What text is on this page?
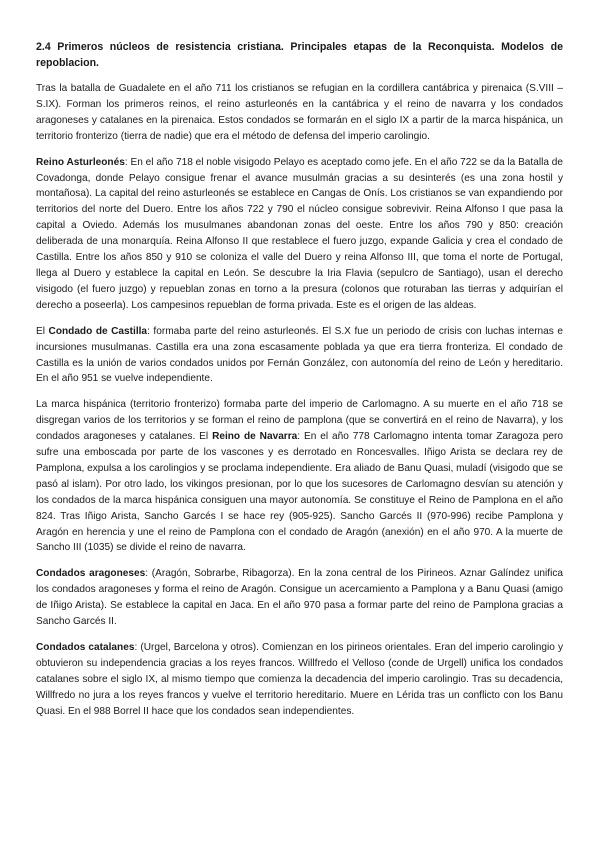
2.4 Primeros núcleos de resistencia cristiana. Principales etapas de la Reconquista. Modelos de repoblacion.

Tras la batalla de Guadalete en el año 711 los cristianos se refugian en la cordillera cantábrica y pirenaica (S.VIII – S.IX). Forman los primeros reinos, el reino asturleonés en la cantábrica y el reino de navarra y los condados aragoneses y catalanes en la pirenaica. Estos condados se formarán en el siglo IX a partir de la marca hispánica, un territorio fronterizo (tierra de nadie) que era el método de defensa del imperio carolingio.

Reino Asturleonés: En el año 718 el noble visigodo Pelayo es aceptado como jefe. En el año 722 se da la Batalla de Covadonga, donde Pelayo consigue frenar el avance musulmán gracias a su desinterés (es una zona hostil y montañosa). La capital del reino asturleonés se establece en Cangas de Onís. Los cristianos se van expandiendo por territorios del norte del Duero. Entre los años 722 y 790 el núcleo consigue sobrevivir. Reina Alfonso I que pasa la capital a Oviedo. Además los musulmanes abandonan zonas del oeste. Entre los años 790 y 850: creación deliberada de una monarquía. Reina Alfonso II que restablece el fuero juzgo, expande Galicia y crea el condado de Castilla. Entre los años 850 y 910 se coloniza el valle del Duero y reina Alfonso III, que toma el norte de Portugal, llega al Duero y establece la capital en León. Se descubre la Iria Flavia (sepulcro de Santiago), usan el derecho visigodo (el fuero juzgo) y repueblan zonas en torno a la presura (colonos que roturaban las tierras y adquirían el derecho a poseerla). Los campesinos repueblan de forma privada. Este es el origen de las aldeas.

El Condado de Castilla: formaba parte del reino asturleonés. El S.X fue un periodo de crisis con luchas internas e incursiones musulmanas. Castilla era una zona escasamente poblada ya que era tierra fronteriza. El condado de Castilla es la unión de varios condados unidos por Fernán González, con autonomía del reino de León y hereditario. En el año 951 se vuelve independiente.

La marca hispánica (territorio fronterizo) formaba parte del imperio de Carlomagno. A su muerte en el año 718 se disgregan varios de los territorios y se forman el reino de pamplona (que se convertirá en el reino de Navarra), y los condados aragoneses y catalanes. El Reino de Navarra: En el año 778 Carlomagno intenta tomar Zaragoza pero sufre una emboscada por parte de los vascones y es derrotado en Roncesvalles. Iñigo Arista se declara rey de Pamplona, expulsa a los carolingios y se proclama independiente. Era aliado de Banu Quasi, muladí (visigodo que se pasó al islam). Por otro lado, los vikingos presionan, por lo que los sucesores de Carlomagno desvían su atención y los condados de la marca hispánica consiguen una mayor autonomía. Se constituye el Reino de Pamplona en el año 824. Tras Iñigo Arista, Sancho Garcés I se hace rey (905-925). Sancho Garcés II (970-996) recibe Pamplona y Aragón en herencia y une el reino de Pamplona con el condado de Aragón (anexión) en el año 970. A la muerte de Sancho III (1035) se divide el reino de navarra.

Condados aragoneses: (Aragón, Sobrarbe, Ribagorza). En la zona central de los Pirineos. Aznar Galíndez unifica los condados aragoneses y forma el reino de Aragón. Consigue un acercamiento a Pamplona y a Banu Quasi (amigo de Iñigo Arista). Se establece la capital en Jaca. En el año 970 pasa a formar parte del reino de Pamplona gracias a Sancho Garcés II.

Condados catalanes: (Urgel, Barcelona y otros). Comienzan en los pirineos orientales. Eran del imperio carolingio y obtuvieron su independencia gracias a los reyes francos. Willfredo el Velloso (conde de Urgell) unifica los condados catalanes sobre el siglo IX, al mismo tiempo que comienza la decadencia del imperio carolingio. Tras su decadencia, Willfredo no jura a los reyes francos y vuelve el territorio hereditario. Muere en Lérida tras un conflicto con los Banu Quasi. En el 988 Borrel II hace que los condados sean independientes.
